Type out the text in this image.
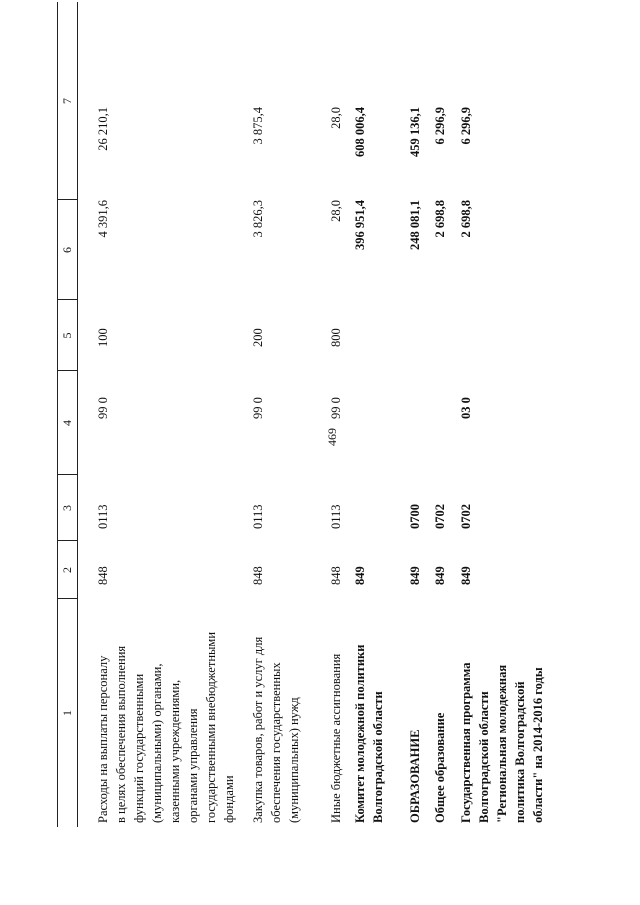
469
1
2
3
4
5
6
7
Расходы на выплаты персоналу в целях обеспечения выполнения функций государственными (муниципальными) органами, казенными учреждениями, органами управления государственными внебюджетными фондами
848
0113
99 0
100
4 391,6
26 210,1
Закупка товаров, работ и услуг для обеспечения государственных (муниципальных) нужд
848
0113
99 0
200
3 826,3
3 875,4
Иные бюджетные ассигнования
848
0113
99 0
800
28,0
28,0
Комитет молодежной политики Волгоградской области
849
396 951,4
608 006,4
ОБРАЗОВАНИЕ
849
0700
248 081,1
459 136,1
Общее образование
849
0702
2 698,8
6 296,9
Государственная программа Волгоградской области "Региональная молодежная политика Волгоградской области" на 2014-2016 годы
849
0702
03 0
2 698,8
6 296,9
